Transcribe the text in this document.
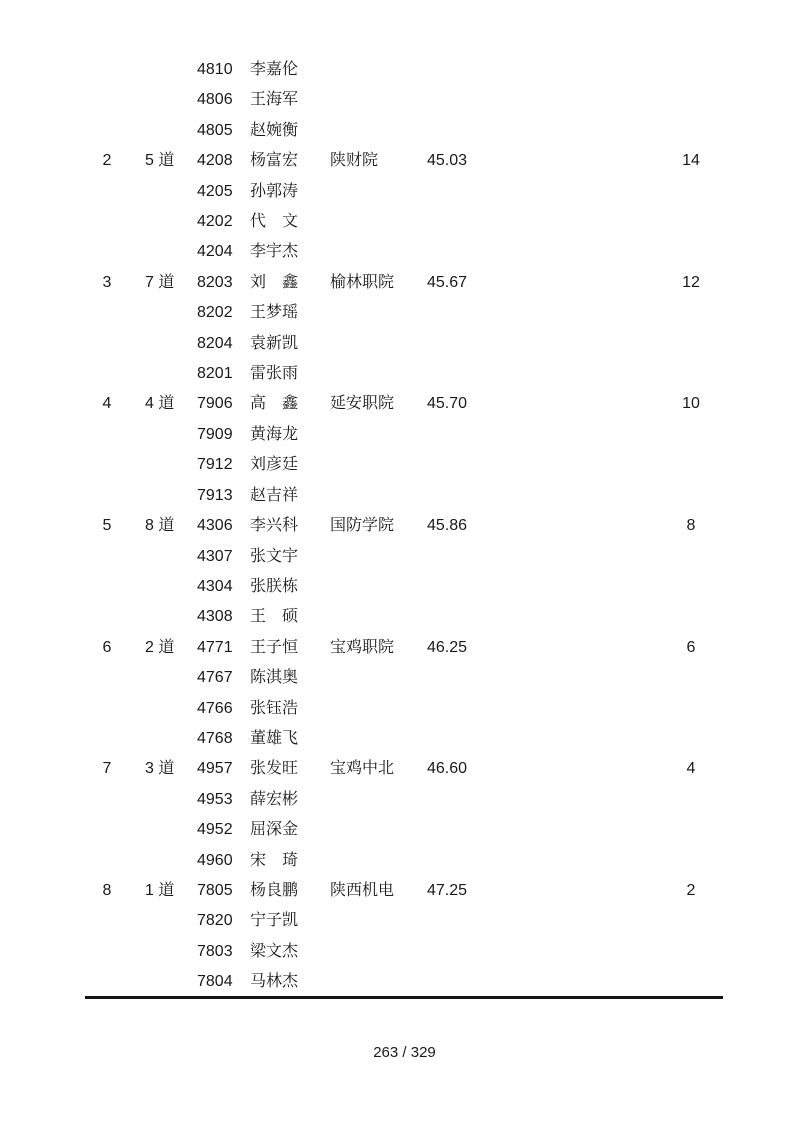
4810 李嘉伦
4806 王海军
4805 赵婉衡
2	5 道 4208 杨富宏 陕财院	45.03	14
4205 孙郭涛
4202 代　文
4204 李宇杰
3	7 道 8203 刘　鑫 榆林职院 45.67	12
8202 王梦瑶
8204 袁新凯
8201 雷张雨
4	4 道 7906 高　鑫 延安职院 45.70	10
7909 黄海龙
7912 刘彦廷
7913 赵吉祥
5	8 道 4306 李兴科 国防学院 45.86	8
4307 张文宇
4304 张朕栋
4308 王　硕
6	2 道 4771 王子恒 宝鸡职院 46.25	6
4767 陈淇奥
4766 张钰浩
4768 董雄飞
7	3 道 4957 张发旺 宝鸡中北 46.60	4
4953 薛宏彬
4952 屈深金
4960 宋　琦
8	1 道 7805 杨良鹏 陕西机电 47.25	2
7820 宁子凯
7803 梁文杰
7804 马林杰
263 / 329
